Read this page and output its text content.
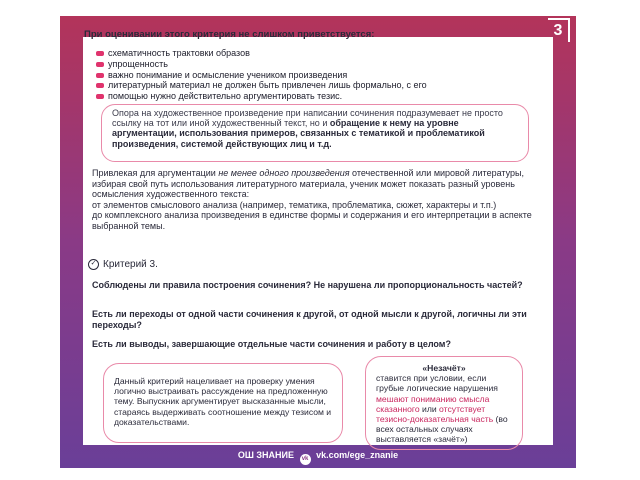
3
ОШ ЗНАНИЕ vk vk.com/ege_znanie
При оценивании этого критерия не слишком приветствуется:
схематичность трактовки образов
упрощенность
важно понимание и осмысление учеником произведения
литературный материал не должен быть привлечен лишь формально, с его
помощью нужно действительно аргументировать тезис.
Опора на художественное произведение при написании сочинения подразумевает не просто ссылку на тот или иной художественный текст, но и обращение к нему на уровне аргументации, использования примеров, связанных с тематикой и проблематикой произведения, системой действующих лиц и т.д.
Привлекая для аргументации не менее одного произведения отечественной или мировой литературы, избирая свой путь использования литературного материала, ученик может показать разный уровень осмысления художественного текста:
от элементов смыслового анализа (например, тематика, проблематика, сюжет, характеры и т.п.)
до комплексного анализа произведения в единстве формы и содержания и его интерпретации в аспекте выбранной темы.
✓ Критерий 3.
Соблюдены ли правила построения сочинения? Не нарушена ли пропорциональность частей?
Есть ли переходы от одной части сочинения к другой, от одной мысли к другой, логичны ли эти переходы?
Есть ли выводы, завершающие отдельные части сочинения и работу в целом?
Данный критерий нацеливает на проверку умения логично выстраивать рассуждение на предложенную тему. Выпускник аргументирует высказанные мысли, стараясь выдерживать соотношение между тезисом и доказательствами.
«Незачёт»
ставится при условии, если грубые логические нарушения мешают пониманию смысла сказанного или отсутствует тезисно-доказательная часть (во всех остальных случаях выставляется «зачёт»)
